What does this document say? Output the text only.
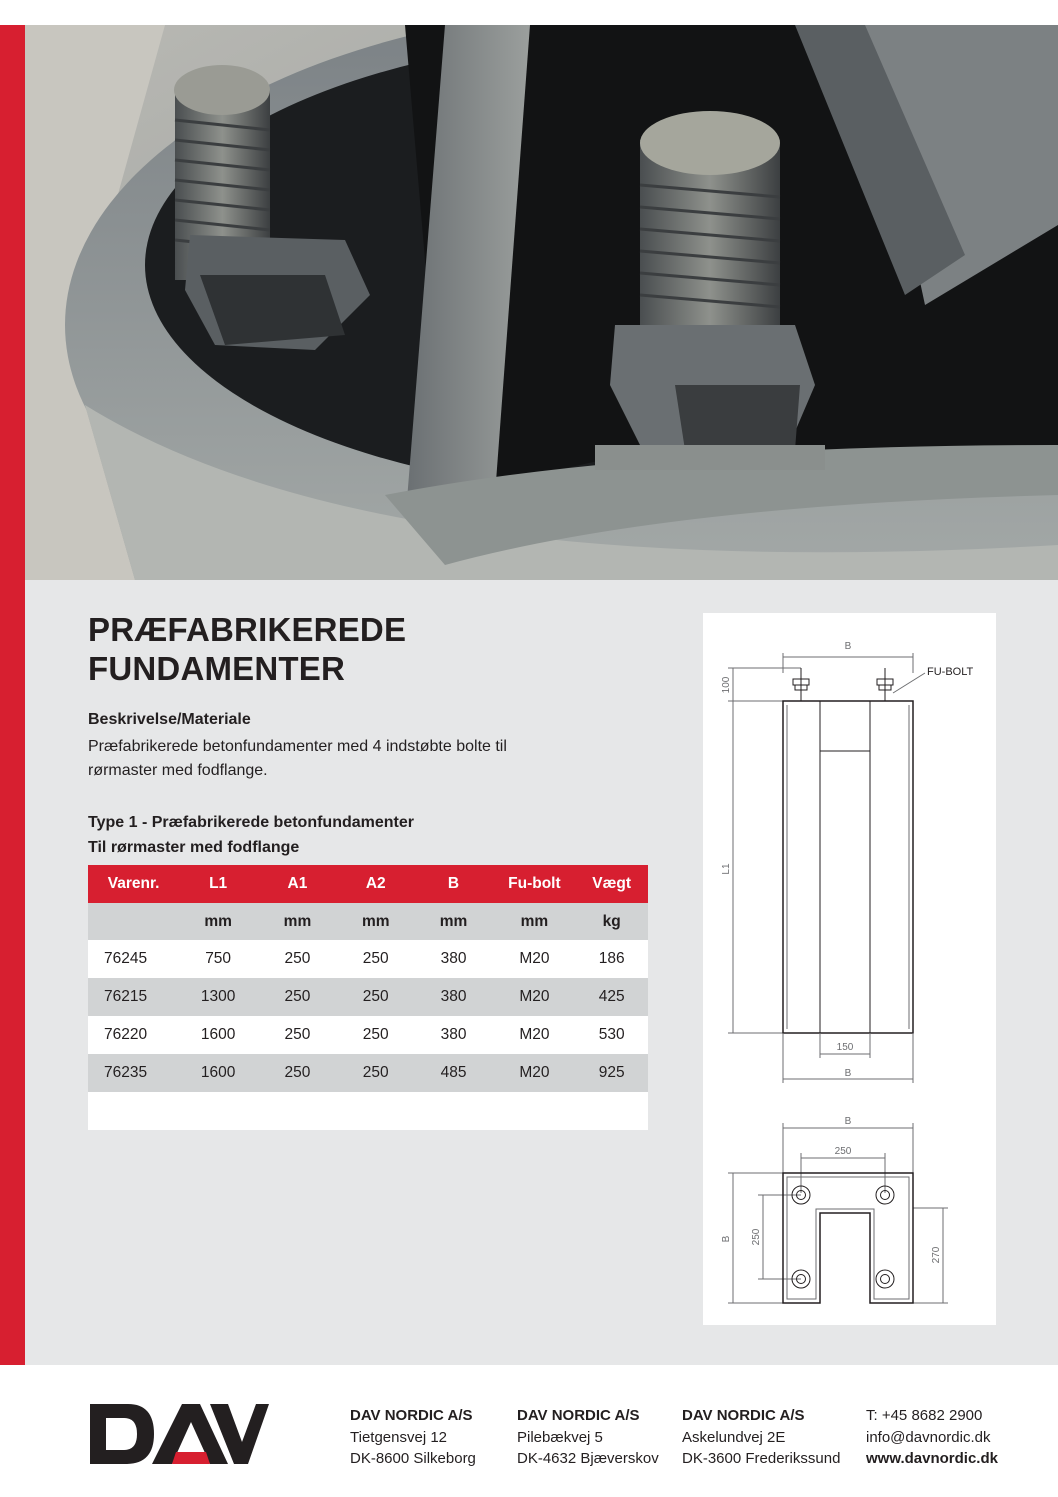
PRÆFABRIKEREDE
FUNDAMENTER
Beskrivelse/Materiale
Præfabrikerede betonfundamenter med 4 indstøbte bolte til rørmaster med fodflange.
Type 1 - Præfabrikerede betonfundamenter
Til rørmaster med fodflange
Varenr.	L1	A1	A2	B	Fu-bolt	Vægt
	mm	mm	mm	mm	mm	kg
76245	750	250	250	380	M20	186
76215	1300	250	250	380	M20	425
76220	1600	250	250	380	M20	530
76235	1600	250	250	485	M20	925

B
FU-BOLT
100
L1
150
B
B
250
B 250
270
DAV NORDIC A/S
Tietgensvej 12
DK-8600 Silkeborg
DAV NORDIC A/S
Pilebækvej 5
DK-4632 Bjæverskov
DAV NORDIC A/S
Askelundvej 2E
DK-3600 Frederikssund
T: +45 8682 2900
info@davnordic.dk
www.davnordic.dk
